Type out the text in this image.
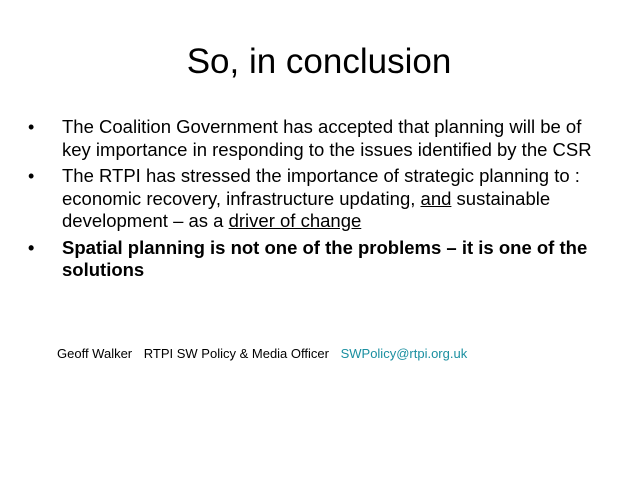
So, in conclusion
•	The Coalition Government has accepted that planning will be of key importance in responding to the issues identified by the CSR
•	The RTPI has stressed the importance of strategic planning to : economic recovery, infrastructure updating, and sustainable development – as a driver of change
•	Spatial planning is not one of the problems – it is one of the solutions
Geoff Walker RTPI SW Policy & Media Officer SWPolicy@rtpi.org.uk
